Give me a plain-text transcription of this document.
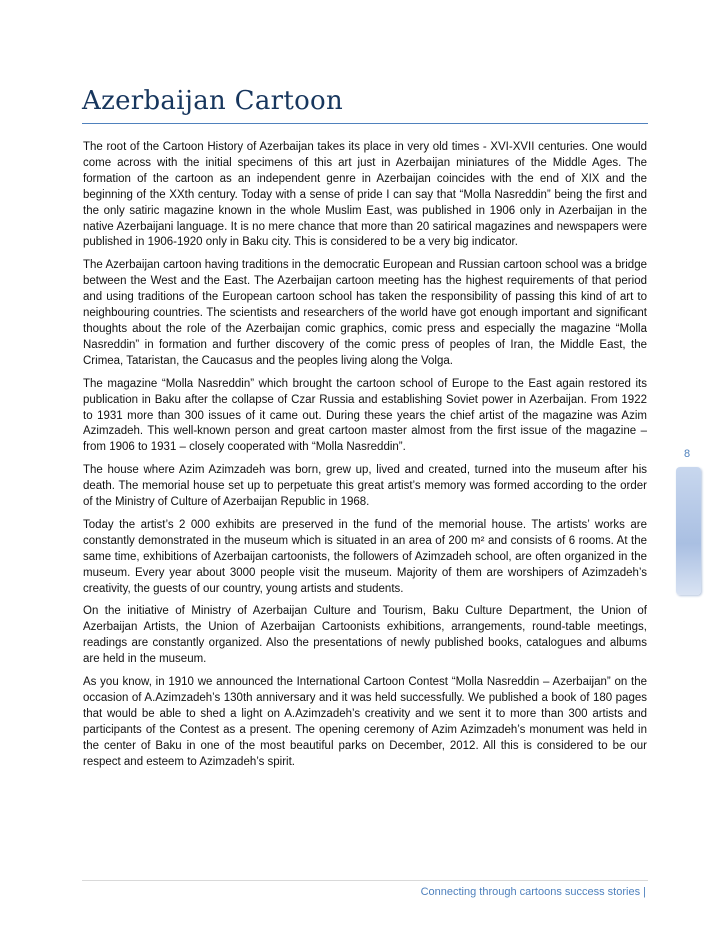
Azerbaijan Cartoon

The root of the Cartoon History of Azerbaijan takes its place in very old times - XVI-XVII centuries. One would come across with the initial specimens of this art just in Azerbaijan miniatures of the Middle Ages. The formation of the cartoon as an independent genre in Azerbaijan coincides with the end of XIX and the beginning of the XXth century. Today with a sense of pride I can say that “Molla Nasreddin” being the first and the only satiric magazine known in the whole Muslim East, was published in 1906 only in Azerbaijan in the native Azerbaijani language. It is no mere chance that more than 20 satirical magazines and newspapers were published in 1906-1920 only in Baku city. This is considered to be a very big indicator.

The Azerbaijan cartoon having traditions in the democratic European and Russian cartoon school was a bridge between the West and the East. The Azerbaijan cartoon meeting has the highest requirements of that period and using traditions of the European cartoon school has taken the responsibility of passing this kind of art to neighbouring countries. The scientists and researchers of the world have got enough important and significant thoughts about the role of the Azerbaijan comic graphics, comic press and especially the magazine “Molla Nasreddin” in formation and further discovery of the comic press of peoples of Iran, the Middle East, the Crimea, Tataristan, the Caucasus and the peoples living along the Volga.

The magazine “Molla Nasreddin” which brought the cartoon school of Europe to the East again restored its publication in Baku after the collapse of Czar Russia and establishing Soviet power in Azerbaijan. From 1922 to 1931 more than 300 issues of it came out. During these years the chief artist of the magazine was Azim Azimzadeh. This well-known person and great cartoon master almost from the first issue of the magazine – from 1906 to 1931 – closely cooperated with “Molla Nasreddin”.

The house where Azim Azimzadeh was born, grew up, lived and created, turned into the museum after his death. The memorial house set up to perpetuate this great artist’s memory was formed according to the order of the Ministry of Culture of Azerbaijan Republic in 1968.

Today the artist’s 2 000 exhibits are preserved in the fund of the memorial house. The artists’ works are constantly demonstrated in the museum which is situated in an area of 200 m² and consists of 6 rooms. At the same time, exhibitions of Azerbaijan cartoonists, the followers of Azimzadeh school, are often organized in the museum. Every year about 3000 people visit the museum. Majority of them are worshipers of Azimzadeh’s creativity, the guests of our country, young artists and students.

On the initiative of Ministry of Azerbaijan Culture and Tourism, Baku Culture Department, the Union of Azerbaijan Artists, the Union of Azerbaijan Cartoonists exhibitions, arrangements, round-table meetings, readings are constantly organized. Also the presentations of newly published books, catalogues and albums are held in the museum.

As you know, in 1910 we announced the International Cartoon Contest “Molla Nasreddin – Azerbaijan” on the occasion of A.Azimzadeh’s 130th anniversary and it was held successfully. We published a book of 180 pages that would be able to shed a light on A.Azimzadeh’s creativity and we sent it to more than 300 artists and participants of the Contest as a present. The opening ceremony of Azim Azimzadeh’s monument was held in the center of Baku in one of the most beautiful parks on December, 2012. All this is considered to be our respect and esteem to Azimzadeh’s spirit.

8
Connecting through cartoons success stories |
